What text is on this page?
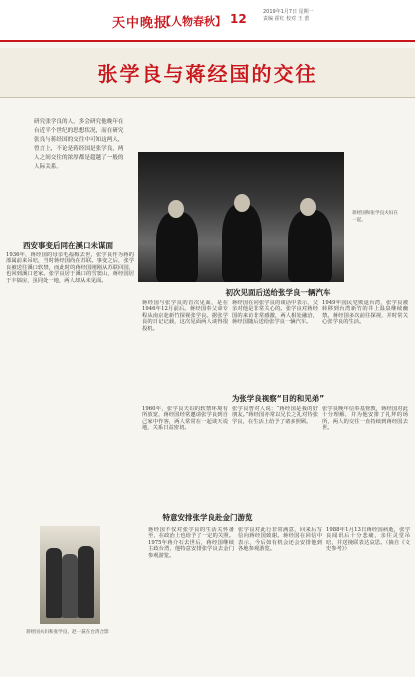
天中晚报
【人物春秋】 12	2019年1月7日 星期一
责编 霍红 校对 王 蕾
张学良与蒋经国的交往
研究张学良的人，多会研究他晚年在台近半个世纪的思想状况，而在研究张良与蒋经国的交往中可知这两人，曾言上，不论是蒋经国是张学良，两人之间交往的浓厚都是超越了一般的人际关系。
蒋经国和张学良夫妇在一起。
西安事变后同在溪口未谋面
1936年，蒋经国的母亲毛福梅去世，张学良作为蒋的部属前来吊唁，当时蒋经国尚在苏联。事变之后，张学良被送往溪口软禁，而此时的蒋经国刚刚从苏联回国，也回到溪口老家。张学良居于溪口的雪窦山，蒋经国居于丰镐房，虽同处一地，两人却从未见面。
初次见面后送给张学良一辆汽车
蒋经国与张学良的首次见面，是在1946年12月前后。蒋经国奉父命专程从南京赴新竹探视张学良。据张学良的日记记载，这次见面两人谈得很投机。
蒋经国在同张学良的谈话中表示，父亲对他是非常关心的。张学良对蒋经国的来访非常感激，两人相处融洽，蒋经国随后送给张学良一辆汽车。
1949年国民党败退台湾，张学良被转移到台湾新竹的井上温泉继续幽禁。蒋经国多次前往探视，并时常关心张学良的生活。
为张学良视察“目的和见弟”
1960年，张学良夫妇的软禁环境有所放宽，蒋经国经常邀请张学良到自己家中作客，两人常常在一起谈天说地，关系日益密切。
张学良曾对人说：“蒋经国是我的好朋友。”蒋经国亦常以兄长之礼对待张学良，在生活上给予了诸多照顾。
张学良晚年信奉基督教，蒋经国对此十分理解，并为他安排了礼拜的场所，两人的交往一直持续到蒋经国去世。
特意安排张学良赴金门游览
蒋经国夫妇和张学良、赵一荻在台湾合影
蒋经国不仅对张学良的生活关怀备至，在政治上也给予了一定的关照。1975年蒋介石去世后，蒋经国继续主政台湾，他特意安排张学良去金门参观游览。
张学良对此行非常满意，回来后写信向蒋经国致谢。蒋经国在回信中表示，今后如有机会还会安排他到各地参观游览。
1988年1月13日蒋经国病逝，张学良闻讯后十分悲痛，亲往灵堂吊唁，并送挽联表达哀思。（摘自《文史参考》）
